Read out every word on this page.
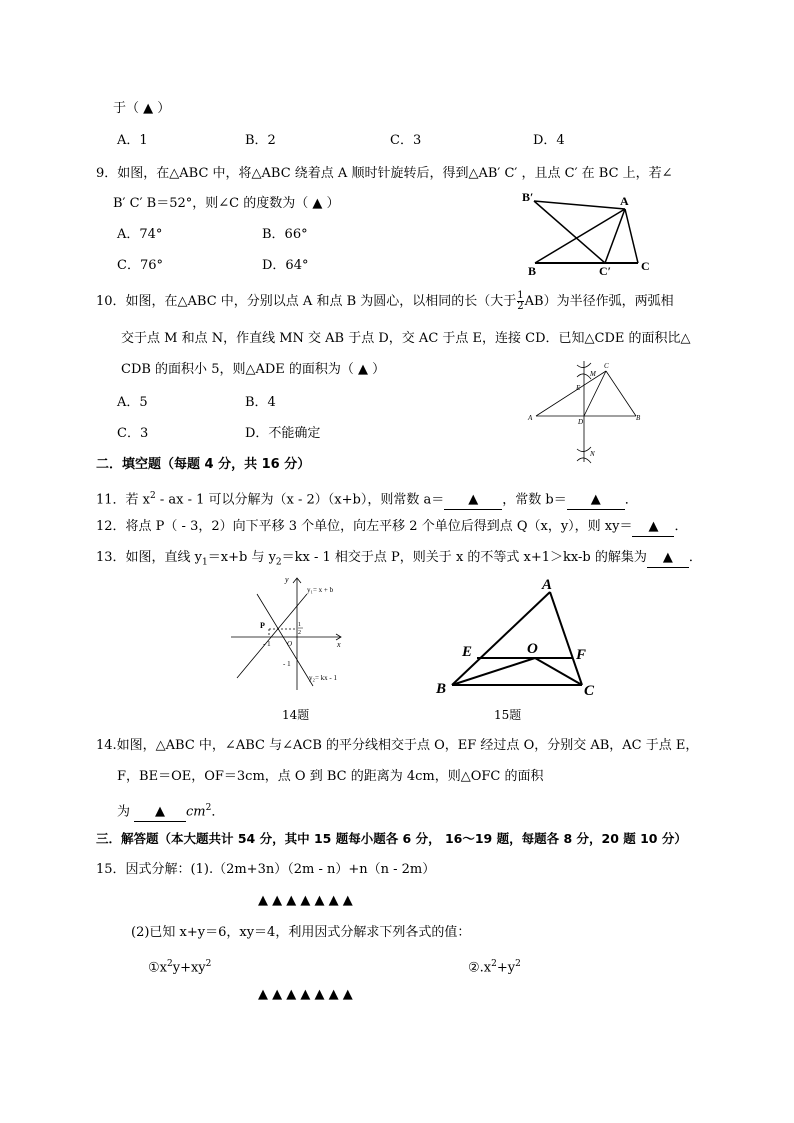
于（ ▲ ）
A．1	B．2	C．3	D．4
9．如图，在△ABC 中，将△ABC 绕着点 A 顺时针旋转后，得到△AB′ C′ ，且点 C′ 在 BC 上，若∠
B′ C′ B＝52°，则∠C 的度数为（ ▲ ）
A．74°	B．66°
C．76°	D．64°
B′	A
B	C′ C
10．如图，在△ABC 中，分别以点 A 和点 B 为圆心，以相同的长（大于 $\frac{1}{2} AB$）为半径作弧，两弧相
交于点 M 和点 N，作直线 MN 交 AB 于点 D，交 AC 于点 E，连接 CD．已知△CDE 的面积比△
CDB 的面积小 5，则△ADE 的面积为（ ▲ ）
A．5	B．4
C．3	D．不能确定
M
C
E
A	D	B
N
二．填空题（每题 4 分，共 16 分）
11．若 $x^2$ - ax - 1 可以分解为（x - 2）（x+b），则常数 a＝ ▲ ，常数 b＝ ▲ ．
12．将点 P（ - 3，2）向下平移 3 个单位，向左平移 2 个单位后得到点 Q（x，y），则 xy＝ ▲ ．
13．如图，直线 $y_1=x+b$ 与 $y_2=kx - 1$ 相交于点 P，则关于 x 的不等式 x+1＞kx-b 的解集为 ▲ ．
y
y₁= x + b
P	1
2
- 1 O	x
- 1
y₂= kx - 1
14题
A
E	O	F
B	C
15题
14.如图，△ABC 中，∠ABC 与∠ACB 的平分线相交于点 O，EF 经过点 O，分别交 AB，AC 于点 E，
F，BE＝OE，OF＝3cm，点 O 到 BC 的距离为 4cm，则△OFC 的面积
为 ▲ $cm^2$．
三．解答题（本大题共计 54 分，其中 15 题每小题各 6 分， 16～19 题，每题各 8 分，20 题 10 分）
15．因式分解：(1).（2m+3n）（2m - n）+n（n - 2m）
▲ ▲ ▲ ▲ ▲ ▲ ▲
(2)已知 x+y＝6，xy＝4，利用因式分解求下列各式的值：
$①x^2y+xy^2$	$②.x^2+y^2$
▲ ▲ ▲ ▲ ▲ ▲ ▲
